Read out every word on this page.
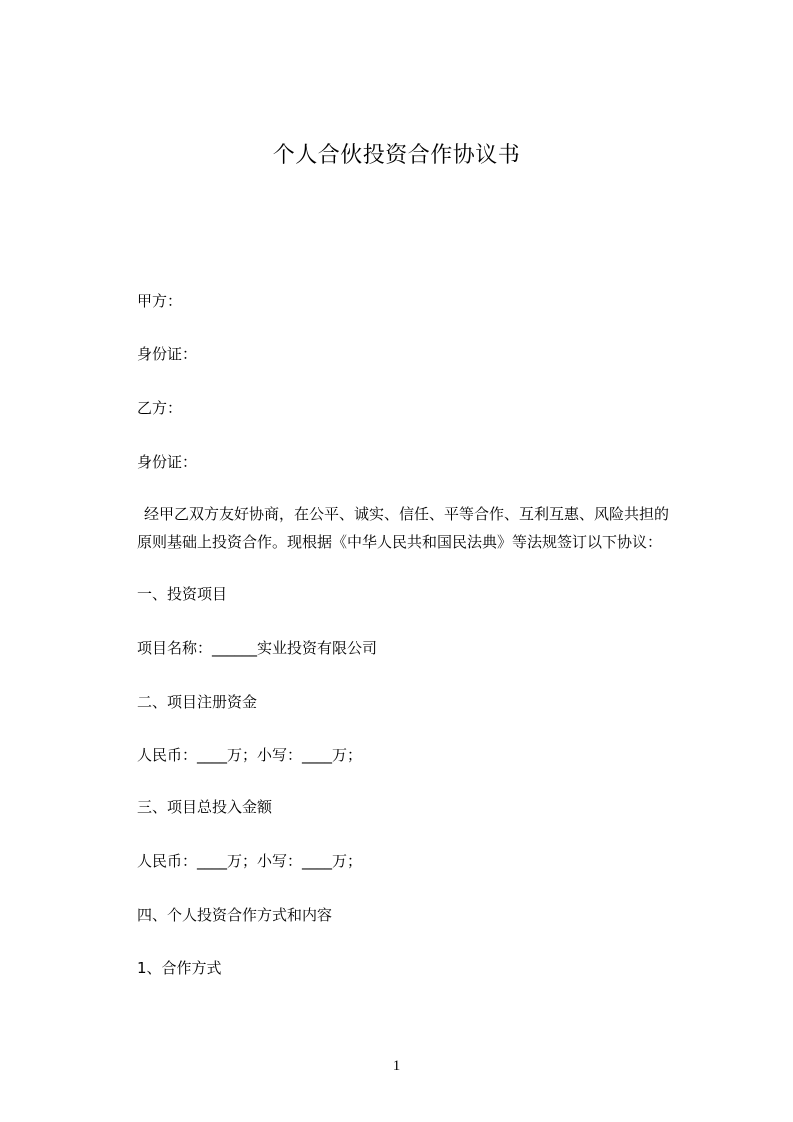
个人合伙投资合作协议书
甲方：
身份证：
乙方：
身份证：
经甲乙双方友好协商，在公平、诚实、信任、平等合作、互利互惠、风险共担的
原则基础上投资合作。现根据《中华人民共和国民法典》等法规签订以下协议：
一、投资项目
项目名称：______实业投资有限公司
二、项目注册资金
人民币：____万；小写：____万；
三、项目总投入金额
人民币：____万；小写：____万；
四、个人投资合作方式和内容
1、合作方式
1
